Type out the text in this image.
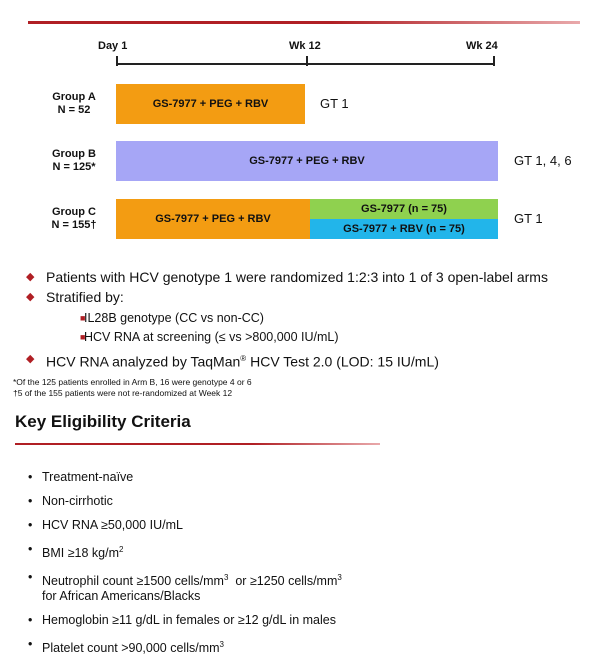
Day 1	Wk 12	Wk 24
Group A
N = 52	GS-7977 + PEG + RBV	GT 1
Group B
N = 125*	GS-7977 + PEG + RBV	GT 1, 4, 6
Group C
N = 155†	GS-7977 + PEG + RBV
GS-7977 (n = 75)
GS-7977 + RBV (n = 75)
GT 1
◆ Patients with HCV genotype 1 were randomized 1:2:3 into 1 of 3 open-label arms
◆ Stratified by:
■
IL28B genotype (CC vs non-CC)
■
HCV RNA at screening (≤ vs >800,000 IU/mL)
◆ HCV RNA analyzed by TaqMan® HCV Test 2.0 (LOD: 15 IU/mL)
*Of the 125 patients enrolled in Arm B, 16 were genotype 4 or 6
†5 of the 155 patients were not re-randomized at Week 12
Key Eligibility Criteria
• Treatment-naïve
• Non-cirrhotic
• HCV RNA ≥50,000 IU/mL
• BMI ≥18 $kg/m^2$
• Neutrophil count ≥1500 cells/$mm^3$  or ≥1250 cells/$mm^3$
for African Americans/Blacks
• Hemoglobin ≥11 g/dL in females or ≥12 g/dL in males
• Platelet count >90,000 cells/$mm^3$
